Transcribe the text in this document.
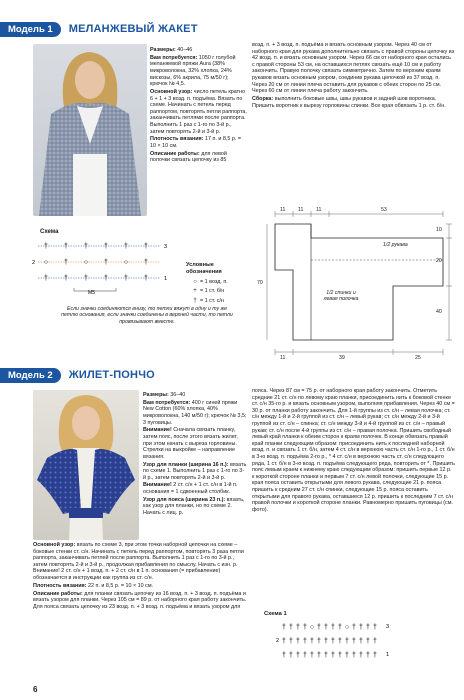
Модель 1	МЕЛАНЖЕВЫЙ ЖАКЕТ

Размеры: 40–46

Вам потребуется: 1050 г голубой меланжевой пряжи Aura (38% микроволокна, 32% хлопка, 24% вискозы, 6% акрила, 75 м/50 г); крючок № 4,5.

Основной узор: число петель кратно 6 + 1 + 3 возд. п. подъёма. Вязать по схеме. Начинать с петель перед раппортом, повторять петли раппорта, заканчивать петлями после раппорта. Выполнить 1 раз с 1-го по 3-й р., затем повторять 2-й и 3-й р.

Плотность вязания: 17 п. и 8,5 р. = 10 × 10 см.

Описание работы: для левой полочки связать цепочку из 85

возд. п. + 3 возд. п. подъёма и вязать основным узором. Через 40 см от наборного края для рукава дополнительно связать с правой стороны цепочку из 42 возд. п. и вязать основным узором. Через 66 см от наборного края остались с правой стороны 53 см, на оставшихся петлях связать ещё 10 см и работу закончить. Правую полочку связать симметрично. Затем по верхним краям рукавов вязать основным узором, соединив рукава цепочкой из 37 возд. п. Через 20 см от линии плеча оставить для рукавов с обеих сторон по 25 см. Через 60 см от линии плеча работу закончить.

Сборка: выполнить боковые швы, швы рукавов и задний шов воротника. Пришить воротник к вырезу горловины спинки. Все края обвязать 1 р. ст. б/н.

Схема
3
† † † † † †
2 ○ † ○ † ○ †
1
† † † † † †
М5
Условные обозначения
○ = 1 возд. п.
+ = 1 ст. б/н
† = 1 ст. с/н
Если значки соединяются внизу, то петли вяжут в одну и ту же петлю основания, если значки соединены в верхней части, то петли провязывают вместе.
11 11 11	53
70
10
20
40
11	39	25
1/2 рукава
1/2 спинки и левая полочка
Модель 2	ЖИЛЕТ-ПОНЧО

Размеры: 36–40

Вам потребуется: 400 г синей пряжи New Cotton (60% хлопка, 40% микроволокна, 140 м/50 г); крючок № 3,5; 3 пуговицы.

Внимание! Сначала связать планку, затем пояс, после этого вязать жилет, при этом начать с выреза горловины. Стрелки на выкройке – направление вязания.

Узор для планки (ширина 16 п.): вязать по схеме 1. Выполнить 1 раз с 1-го по 3-й р., затем повторять 2-й и 3-й р.

Внимание! 2 ст. с/н + 1 ст. с/н в 1-й п. основания = 1 сдвоенный столбик.

Узор для пояса (ширина 23 п.): вязать, как узор для планки, но по схеме 2. Начать с лиц. р.

Основной узор: вязать по схеме 3, при этом точки наборной цепочки на схеме – боковые стенки ст. с/н. Начинать с петель перед раппортом, повторять 3 раза петли раппорта, заканчивать петлей после раппорта. Выполнить 1 раз с 1-го по 3-й р., затем повторять 2-й и 3-й р., продолжая прибавления по смыслу. Начать с изн. р. Внимание! 2 ст. с/н + 1 возд. п. + 2 ст. с/н в 1 п. основания (= прибавление) обозначается в инструкции как группа из ст. с/н.

Плотность вязания: 22 п. и 8,5 р. = 10 × 10 см.

Описание работы: для планки связать цепочку из 16 возд. п. + 3 возд. п. подъёма и вязать узором для планки. Через 105 см = 89 р. от наборного края работу закончить. Для пояса связать цепочку из 23 возд. п. + 3 возд. п. подъёма и вязать узором для

пояса. Через 87 см = 75 р. от наборного края работу закончить. Отметить средние 21 ст. с/н по левому краю планки, присоединить нить к боковой стенке ст. с/н 35-го р. и вязать основным узором, выполняя прибавления. Через 40 см = 30 р. от планки работу закончить. Для 1-й группы из ст. с/н – левая полочка; ст. с/н между 1-й и 2-й группой из ст. с/н – левый рукав; ст. с/н между 2-й и 3-й группой из ст. с/н – спинка; ст. с/н между 3-й и 4-й группой из ст. с/н – правый рукав; ст. с/н после 4-й группы из ст. с/н – правая полочка. Пришить свободный левый край планки к обеим сторон к краям полочек. В конце обвязать правый край планки следующим образом: присоединить нить к последней наборной возд. п. и связать 1 ст. б/н, затем 4 ст. с/н в верхнюю часть ст. с/н 1-го р., 1 ст. б/н в 3-ю возд. п. подъёма 2-го р., * 4 ст. с/н в верхнюю часть ст. с/н следующего ряда, 1 ст. б/н в 3-ю возд. п. подъёма следующего ряда, повторить от *. Пришить пояс левым краем к нижнему краю следующим образом: пришить первые 12 р. к короткой стороне планки и первым 7 ст. с/н левой полочки, следующие 15 р. края пояса оставить открытыми для левого рукава, следующие 21 р. пояса пришить к средним 27 ст. с/н спинки, следующие 15 р. пояса оставить открытыми для правого рукава, оставшиеся 12 р. пришить к последним 7 ст. с/н правой полочки и короткой стороне планки. Равномерно пришить пуговицы (см. фото).

Схема 1
3
† † † † ○ † † † † ○ † † † †
2 † † † † † † † † † † † † † †
1
† † † † † † † † † † † † † †
6
